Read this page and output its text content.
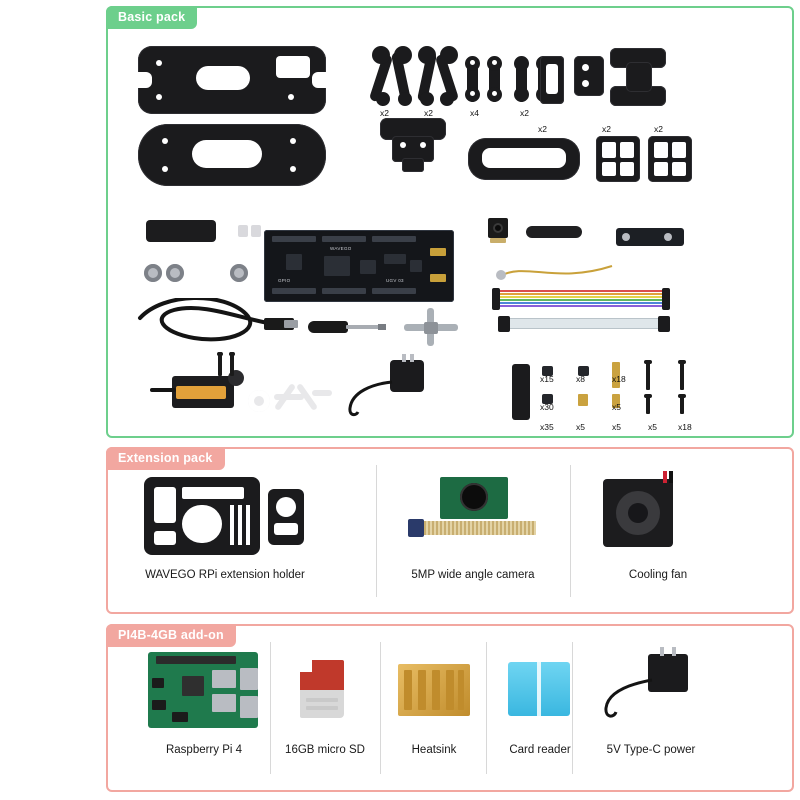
Basic pack
x2	x2	x4	x2
x2	x2	x2
WAVEGO
UGV 03
GPIO
x15	x8	x18
x30	x5
x35	x5	x5	x5 x18
Extension pack
WAVEGO RPi extension holder	5MP wide angle camera	Cooling fan
PI4B-4GB add-on
Raspberry Pi 4	16GB micro SD	Heatsink	Card reader	5V Type-C power
